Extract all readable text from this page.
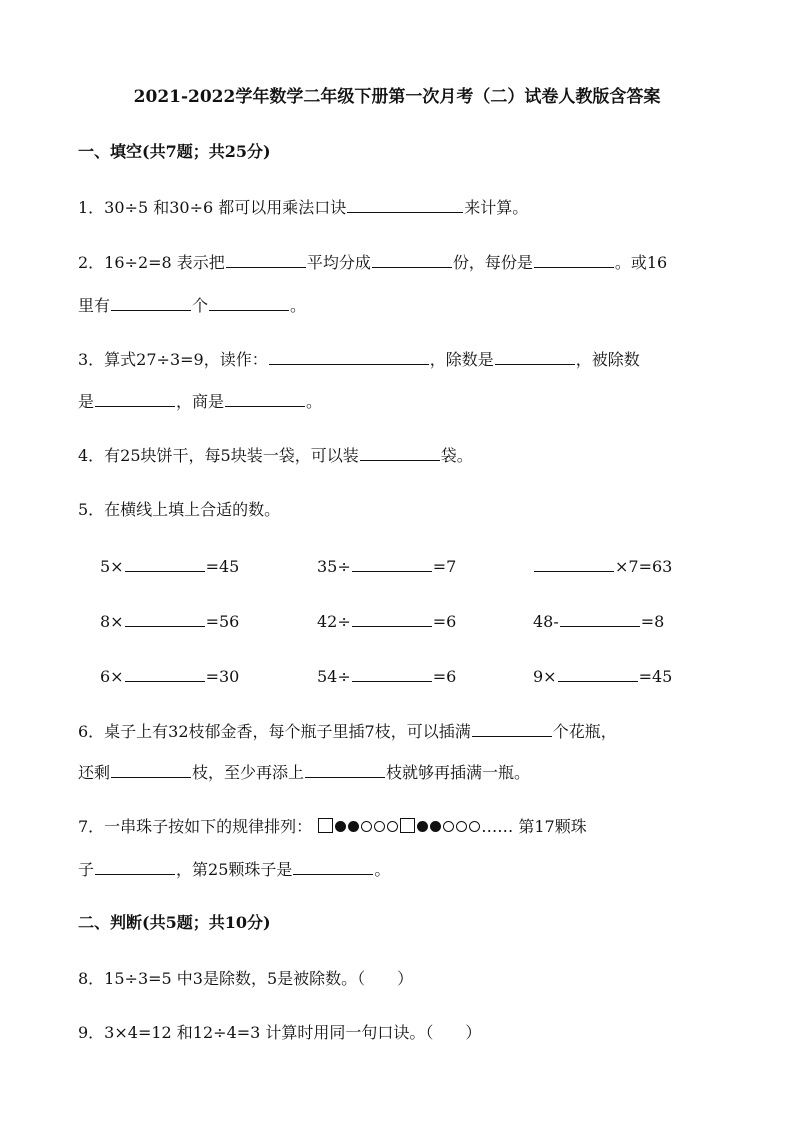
2021-2022学年数学二年级下册第一次月考（二）试卷人教版含答案
一、填空(共7题；共25分)
1．30÷5 和30÷6 都可以用乘法口诀	来计算。
2．16÷2=8 表示把	平均分成	份，每份是	。或16
里有	个	。
3．算式27÷3=9，读作：	，除数是	，被除数
是	，商是	。
4．有25块饼干，每5块装一袋，可以装	袋。
5．在横线上填上合适的数。
5×	=45	35÷	=7	×7=63
8×	=56	42÷	=6	48-	=8
6×	=30	54÷	=6	9×	=45
6．桌子上有32枝郁金香，每个瓶子里插7枝，可以插满	个花瓶，
还剩	枝，至少再添上	枝就够再插满一瓶。
7．一串珠子按如下的规律排列：	…… 第17颗珠
子	，第25颗珠子是	。
二、判断(共5题；共10分)
8．15÷3=5 中3是除数，5是被除数。（　　）
9．3×4=12 和12÷4=3 计算时用同一句口诀。（　　）
